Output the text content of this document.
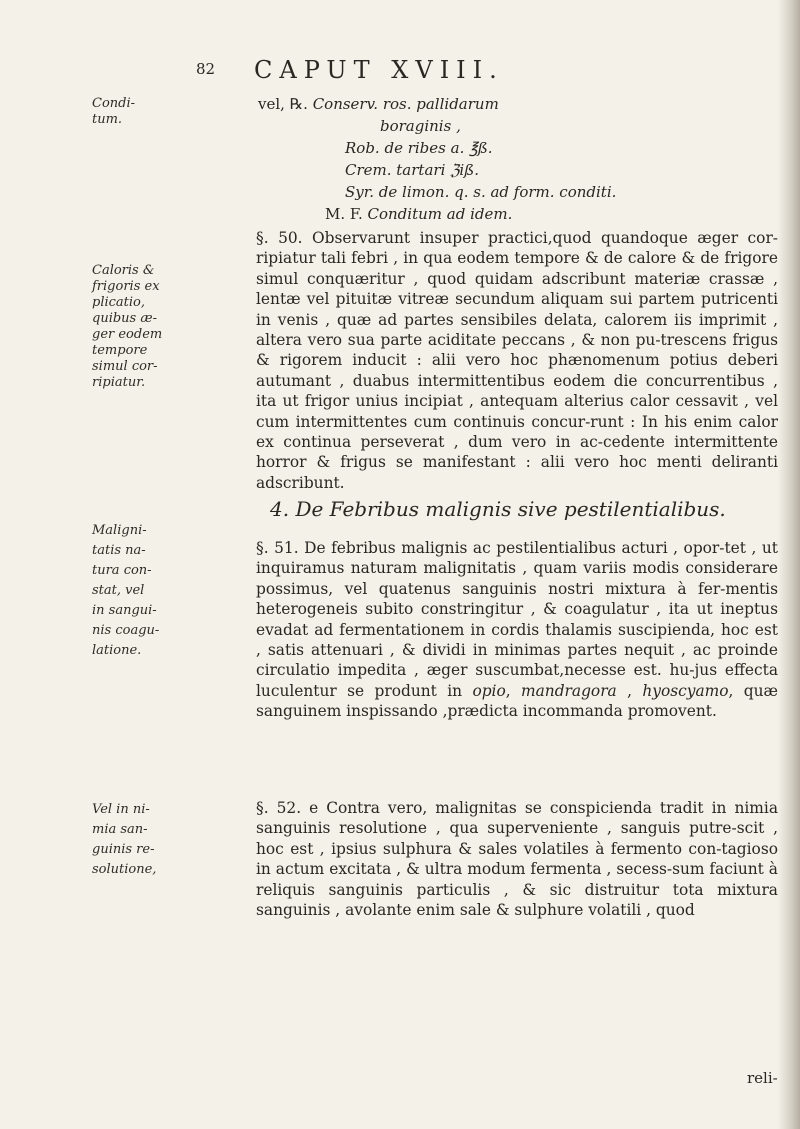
82 CAPUT XVIII.
Condi-
tum.
Caloris &
frigoris ex
plicatio,
quibus æ-
ger eodem
tempore
simul cor-
ripiatur.
Maligni-
tatis na-
tura con-
stat, vel
in sangui-
nis coagu-
latione.
Vel in ni-
mia san-
guinis re-
solutione,
vel, ℞. Conserv. ros. pallidarum
boraginis ,
Rob. de ribes a. ℥ß.
Crem. tartari ℨiß.
Syr. de limon. q. s. ad form. conditi.
M. F. Conditum ad idem.

§. 50. Observarunt insuper practici,quod quandoque æger cor-ripiatur tali febri , in qua eodem tempore & de calore & de frigore simul conquæritur , quod quidam adscribunt materiæ crassæ , lentæ vel pituitæ vitreæ secundum aliquam sui partem putricenti in venis , quæ ad partes sensibiles delata, calorem iis imprimit , altera vero sua parte aciditate peccans , & non pu-trescens frigus & rigorem inducit : alii vero hoc phænomenum potius deberi autumant , duabus intermittentibus eodem die concurrentibus , ita ut frigor unius incipiat , antequam alterius calor cessavit , vel cum intermittentes cum continuis concur-runt : In his enim calor ex continua perseverat , dum vero in ac-cedente intermittente horror & frigus se manifestant : alii vero hoc menti deliranti adscribunt.

4. De Febribus malignis sive pestilentialibus.

§. 51. De febribus malignis ac pestilentialibus acturi , opor-tet , ut inquiramus naturam malignitatis , quam variis modis considerare possimus, vel quatenus sanguinis nostri mixtura à fer-mentis heterogeneis subito constringitur , & coagulatur , ita ut ineptus evadat ad fermentationem in cordis thalamis suscipienda, hoc est , satis attenuari , & dividi in minimas partes nequit , ac proinde circulatio impedita , æger suscumbat,necesse est. hu-jus effecta luculentur se produnt in opio, mandragora , hyoscyamo, quæ sanguinem inspissando ,prædicta incommanda promovent.

§. 52. e Contra vero, malignitas se conspicienda tradit in nimia sanguinis resolutione , qua superveniente , sanguis putre-scit , hoc est , ipsius sulphura & sales volatiles à fermento con-tagioso in actum excitata , & ultra modum fermenta , secess-sum faciunt à reliquis sanguinis particulis , & sic distruitur tota mixtura sanguinis , avolante enim sale & sulphure volatili , quod

reli-
